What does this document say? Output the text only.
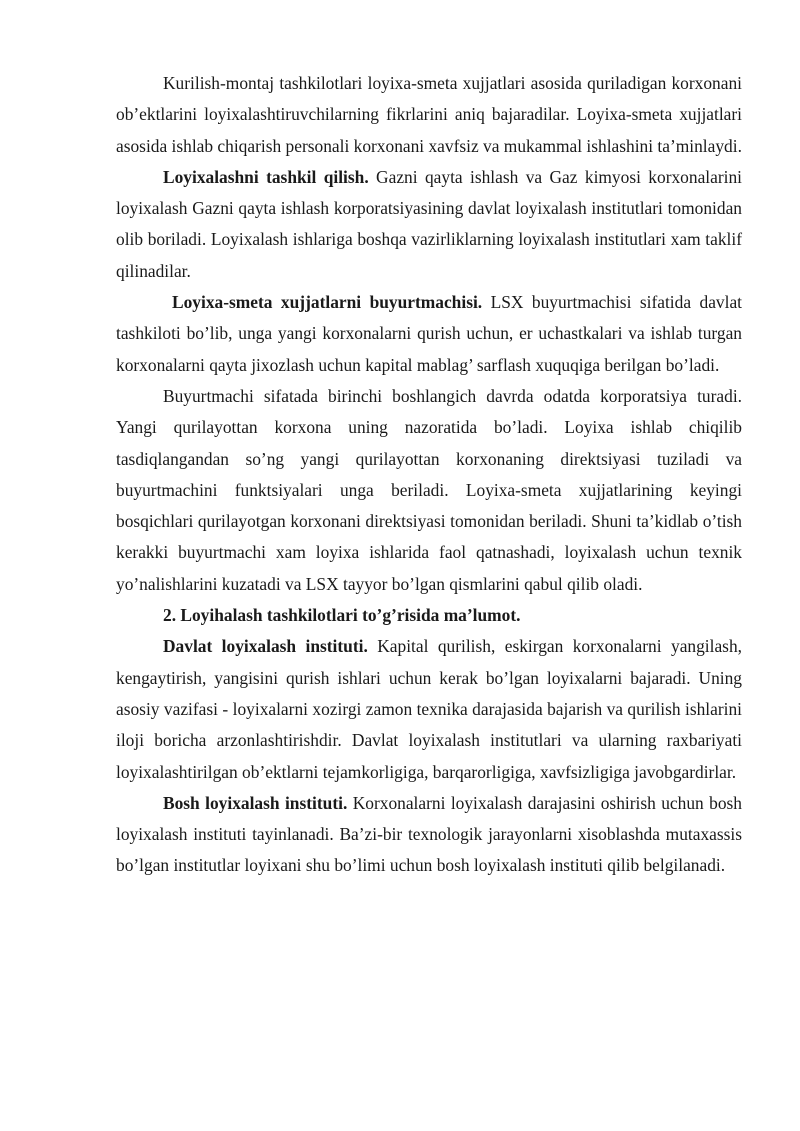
Kurilish-montaj tashkilotlari loyixa-smeta xujjatlari asosida quriladigan korxonani ob’ektlarini loyixalashtiruvchilarning fikrlarini aniq bajaradilar. Loyixa-smeta xujjatlari asosida ishlab chiqarish personali korxonani xavfsiz va mukammal ishlashini ta’minlaydi.

Loyixalashni tashkil qilish. Gazni qayta ishlash va Gaz kimyosi korxonalarini loyixalash Gazni qayta ishlash korporatsiyasining davlat loyixalash institutlari tomonidan olib boriladi. Loyixalash ishlariga boshqa vazirliklarning loyixalash institutlari xam taklif qilinadilar.

Loyixa-smeta xujjatlarni buyurtmachisi. LSX buyurtmachisi sifatida davlat tashkiloti bo’lib, unga yangi korxonalarni qurish uchun, er uchastkalari va ishlab turgan korxonalarni qayta jixozlash uchun kapital mablag’ sarflash xuquqiga berilgan bo’ladi.

Buyurtmachi sifatada birinchi boshlangich davrda odatda korporatsiya turadi. Yangi qurilayottan korxona uning nazoratida bo’ladi. Loyixa ishlab chiqilib tasdiqlangandan so’ng yangi qurilayottan korxonaning direktsiyasi tuziladi va buyurtmachini funktsiyalari unga beriladi. Loyixa-smeta xujjatlarining keyingi bosqichlari qurilayotgan korxonani direktsiyasi tomonidan beriladi. Shuni ta’kidlab o’tish kerakki buyurtmachi xam loyixa ishlarida faol qatnashadi, loyixalash uchun texnik yo’nalishlarini kuzatadi va LSX tayyor bo’lgan qismlarini qabul qilib oladi.

2. Loyihalash tashkilotlari to’g’risida ma’lumot.

Davlat loyixalash instituti. Kapital qurilish, eskirgan korxonalarni yangilash, kengaytirish, yangisini qurish ishlari uchun kerak bo’lgan loyixalarni bajaradi. Uning asosiy vazifasi - loyixalarni xozirgi zamon texnika darajasida bajarish va qurilish ishlarini iloji boricha arzonlashtirishdir. Davlat loyixalash institutlari va ularning raxbariyati loyixalashtirilgan ob’ektlarni tejamkorligiga, barqarorligiga, xavfsizligiga javobgardirlar.

Bosh loyixalash instituti. Korxonalarni loyixalash darajasini oshirish uchun bosh loyixalash instituti tayinlanadi. Ba’zi-bir texnologik jarayonlarni xisoblashda mutaxassis bo’lgan institutlar loyixani shu bo’limi uchun bosh loyixalash instituti qilib belgilanadi.
